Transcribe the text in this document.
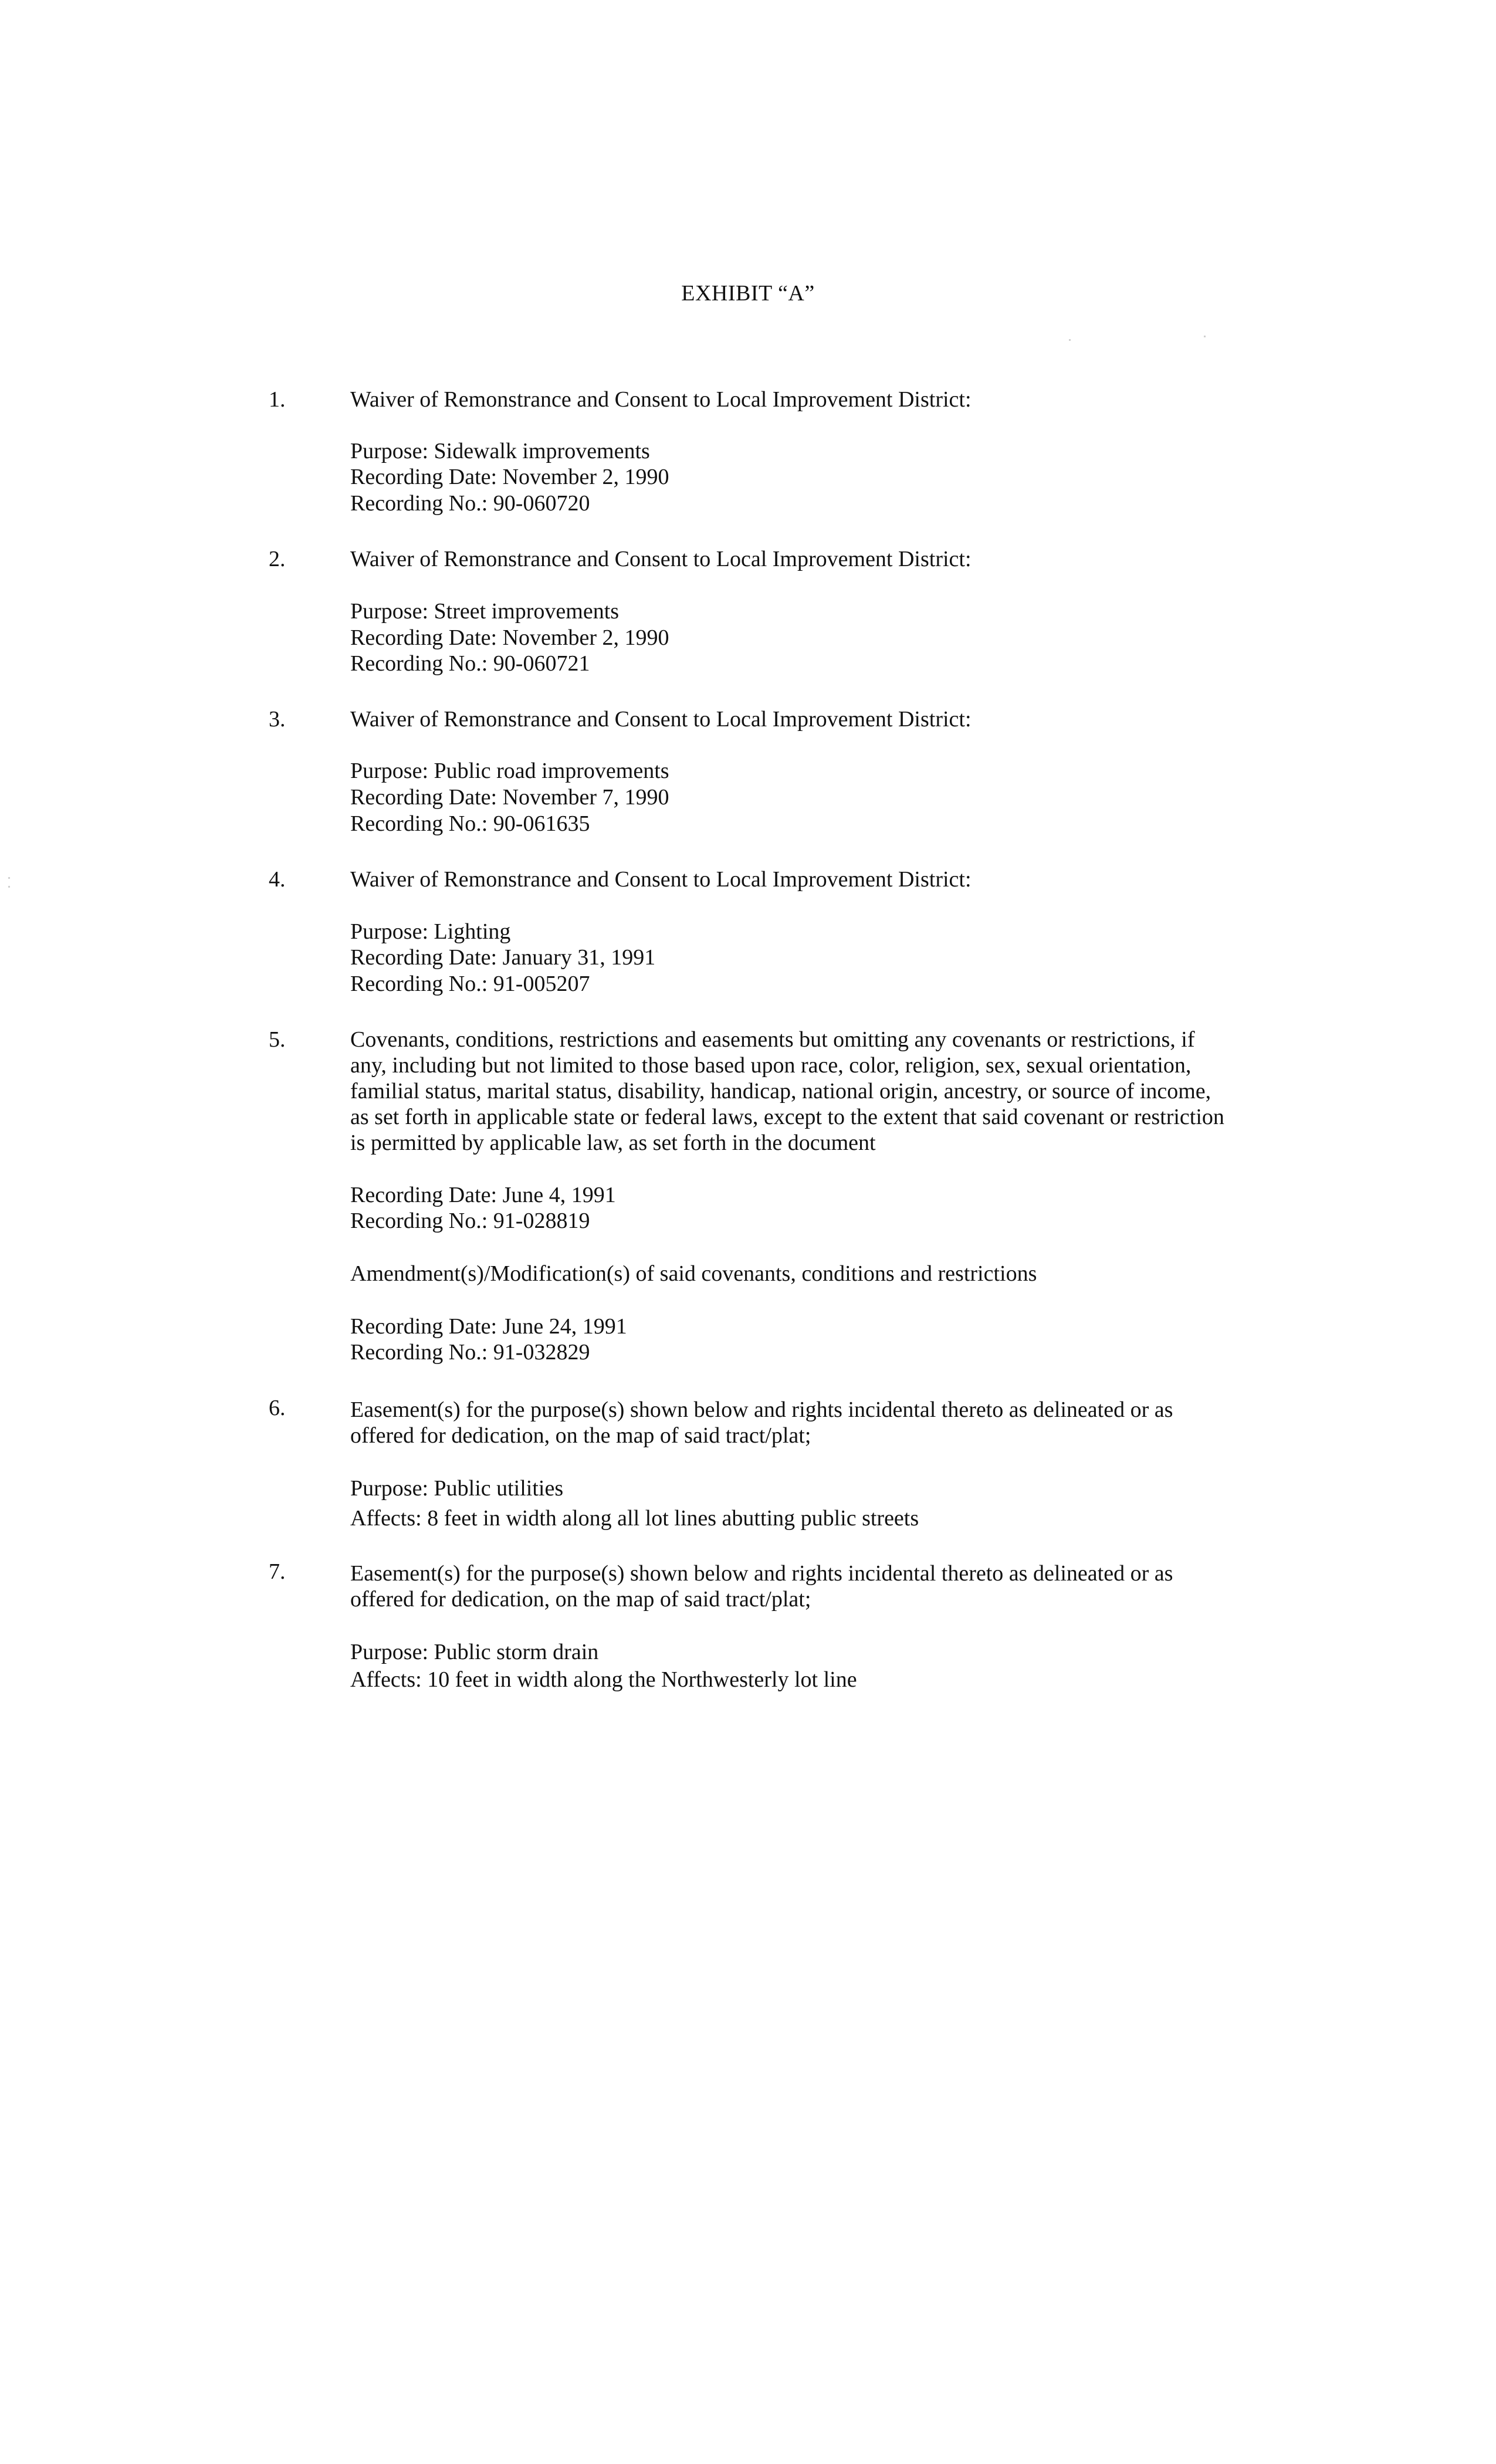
EXHIBIT “A”
1.	Waiver of Remonstrance and Consent to Local Improvement District:
Purpose: Sidewalk improvements
Recording Date: November 2, 1990
Recording No.: 90-060720
2.	Waiver of Remonstrance and Consent to Local Improvement District:
Purpose: Street improvements
Recording Date: November 2, 1990
Recording No.: 90-060721
3.	Waiver of Remonstrance and Consent to Local Improvement District:
Purpose: Public road improvements
Recording Date: November 7, 1990
Recording No.: 90-061635
4.	Waiver of Remonstrance and Consent to Local Improvement District:
Purpose: Lighting
Recording Date: January 31, 1991
Recording No.: 91-005207
5.	Covenants, conditions, restrictions and easements but omitting any covenants or restrictions, if
any, including but not limited to those based upon race, color, religion, sex, sexual orientation,
familial status, marital status, disability, handicap, national origin, ancestry, or source of income,
as set forth in applicable state or federal laws, except to the extent that said covenant or restriction
is permitted by applicable law, as set forth in the document
Recording Date: June 4, 1991
Recording No.: 91-028819
Amendment(s)/Modification(s) of said covenants, conditions and restrictions
Recording Date: June 24, 1991
Recording No.: 91-032829
6.	Easement(s) for the purpose(s) shown below and rights incidental thereto as delineated or as
offered for dedication, on the map of said tract/plat;
Purpose: Public utilities
Affects: 8 feet in width along all lot lines abutting public streets
7.	Easement(s) for the purpose(s) shown below and rights incidental thereto as delineated or as
offered for dedication, on the map of said tract/plat;
Purpose: Public storm drain
Affects: 10 feet in width along the Northwesterly lot line
